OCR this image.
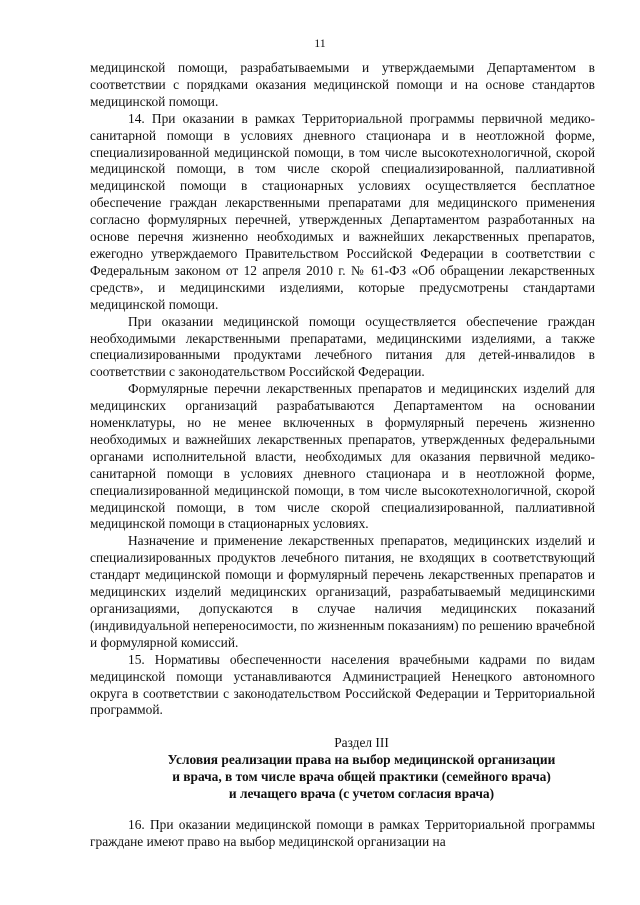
11

медицинской помощи, разрабатываемыми и утверждаемыми Департаментом в соответствии с порядками оказания медицинской помощи и на основе стандартов медицинской помощи.

14. При оказании в рамках Территориальной программы первичной медико-санитарной помощи в условиях дневного стационара и в неотложной форме, специализированной медицинской помощи, в том числе высокотехнологичной, скорой медицинской помощи, в том числе скорой специализированной, паллиативной медицинской помощи в стационарных условиях осуществляется бесплатное обеспечение граждан лекарственными препаратами для медицинского применения согласно формулярных перечней, утвержденных Департаментом разработанных на основе перечня жизненно необходимых и важнейших лекарственных препаратов, ежегодно утверждаемого Правительством Российской Федерации в соответствии с Федеральным законом от 12 апреля 2010 г. № 61-ФЗ «Об обращении лекарственных средств», и медицинскими изделиями, которые предусмотрены стандартами медицинской помощи.

При оказании медицинской помощи осуществляется обеспечение граждан необходимыми лекарственными препаратами, медицинскими изделиями, а также специализированными продуктами лечебного питания для детей-инвалидов в соответствии с законодательством Российской Федерации.

Формулярные перечни лекарственных препаратов и медицинских изделий для медицинских организаций разрабатываются Департаментом на основании номенклатуры, но не менее включенных в формулярный перечень жизненно необходимых и важнейших лекарственных препаратов, утвержденных федеральными органами исполнительной власти, необходимых для оказания первичной медико-санитарной помощи в условиях дневного стационара и в неотложной форме, специализированной медицинской помощи, в том числе высокотехнологичной, скорой медицинской помощи, в том числе скорой специализированной, паллиативной медицинской помощи в стационарных условиях.

Назначение и применение лекарственных препаратов, медицинских изделий и специализированных продуктов лечебного питания, не входящих в соответствующий стандарт медицинской помощи и формулярный перечень лекарственных препаратов и медицинских изделий медицинских организаций, разрабатываемый медицинскими организациями, допускаются в случае наличия медицинских показаний (индивидуальной непереносимости, по жизненным показаниям) по решению врачебной и формулярной комиссий.

15. Нормативы обеспеченности населения врачебными кадрами по видам медицинской помощи устанавливаются Администрацией Ненецкого автономного округа в соответствии с законодательством Российской Федерации и Территориальной программой.

Раздел III

Условия реализации права на выбор медицинской организации

и врача, в том числе врача общей практики (семейного врача)

и лечащего врача (с учетом согласия врача)

16. При оказании медицинской помощи в рамках Территориальной программы граждане имеют право на выбор медицинской организации на
